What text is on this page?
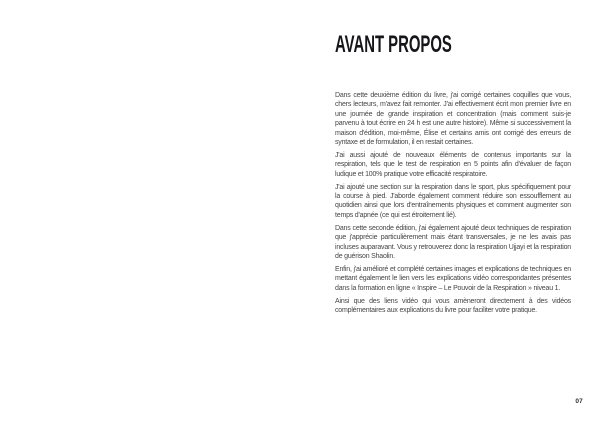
AVANT PROPOS

Dans cette deuxième édition du livre, j'ai corrigé certaines coquilles que vous, chers lecteurs, m'avez fait remonter. J'ai effectivement écrit mon premier livre en une journée de grande inspiration et concentration (mais comment suis-je parvenu à tout écrire en 24 h est une autre histoire). Même si successivement la maison d'édition, moi-même, Élise et certains amis ont corrigé des erreurs de syntaxe et de formulation, il en restait certaines.

J'ai aussi ajouté de nouveaux éléments de contenus importants sur la respiration, tels que le test de respiration en 5 points afin d'évaluer de façon ludique et 100% pratique votre efficacité respiratoire.

J'ai ajouté une section sur la respiration dans le sport, plus spécifiquement pour la course à pied. J'aborde également comment réduire son essoufflement au quotidien ainsi que lors d'entraînements physiques et comment augmenter son temps d'apnée (ce qui est étroitement lié).

Dans cette seconde édition, j'ai également ajouté deux techniques de respiration que j'apprécie particulièrement mais étant transversales, je ne les avais pas incluses auparavant. Vous y retrouverez donc la respiration Ujjayi et la respiration de guérison Shaolin.

Enfin, j'ai amélioré et complété certaines images et explications de techniques en mettant également le lien vers les explications vidéo correspondantes présentes dans la formation en ligne « Inspire – Le Pouvoir de la Respiration » niveau 1.

Ainsi que des liens vidéo qui vous amèneront directement à des vidéos complémentaires aux explications du livre pour faciliter votre pratique.

07
